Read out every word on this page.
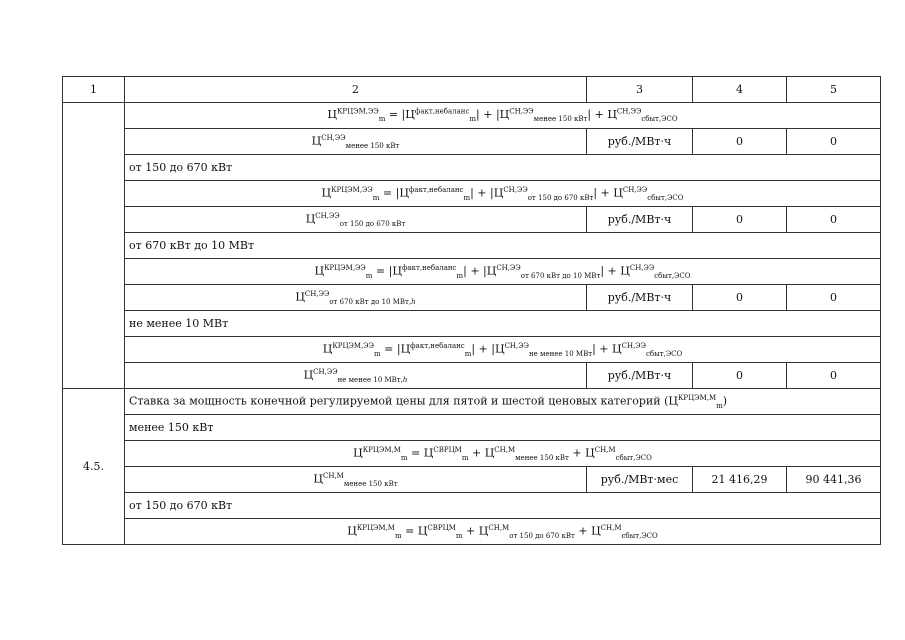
1	2	3	4	5
	$Ц^{КРЦЭМ,ЭЭ}_m = |Ц^{факт,небаланс}_m| + |Ц^{СН,ЭЭ}_{менее 150 кВт}| + Ц^{СН,ЭЭ}_{сбыт,ЭСО}$
	$Ц^{СН,ЭЭ}_{менее 150 кВт}$	руб./МВт·ч	0	0
	от 150 до 670 кВт			
	$Ц^{КРЦЭМ,ЭЭ}_m = |Ц^{факт,небаланс}_m| + |Ц^{СН,ЭЭ}_{от 150 до 670 кВт}| + Ц^{СН,ЭЭ}_{сбыт,ЭСО}$
	$Ц^{СН,ЭЭ}_{от 150 до 670 кВт}$	руб./МВт·ч	0	0
	от 670 кВт до 10 МВт			
	$Ц^{КРЦЭМ,ЭЭ}_m = |Ц^{факт,небаланс}_m| + |Ц^{СН,ЭЭ}_{от 670 кВт до 10 МВт}| + Ц^{СН,ЭЭ}_{сбыт,ЭСО}$
	$Ц^{СН,ЭЭ}_{от 670 кВт до 10 МВт,h}$	руб./МВт·ч	0	0
	не менее 10 МВт			
	$Ц^{КРЦЭМ,ЭЭ}_m = |Ц^{факт,небаланс}_m| + |Ц^{СН,ЭЭ}_{не менее 10 МВт}| + Ц^{СН,ЭЭ}_{сбыт,ЭСО}$
	$Ц^{СН,ЭЭ}_{не менее 10 МВт,h}$	руб./МВт·ч	0	0
4.5.	Ставка за мощность конечной регулируемой цены для пятой и шестой ценовых категорий $(Ц^{КРЦЭМ,М}_m)$			
	менее 150 кВт			
	$Ц^{КРЦЭМ,М}_m = Ц^{СВРЦМ}_m + Ц^{СН,М}_{менее 150 кВт} + Ц^{СН,М}_{сбыт,ЭСО}$
	$Ц^{СН,М}_{менее 150 кВт}$	руб./МВт·мес	21 416,29	90 441,36
	от 150 до 670 кВт			
	$Ц^{КРЦЭМ,М}_m = Ц^{СВРЦМ}_m + Ц^{СН,М}_{от 150 до 670 кВт} + Ц^{СН,М}_{сбыт,ЭСО}$
